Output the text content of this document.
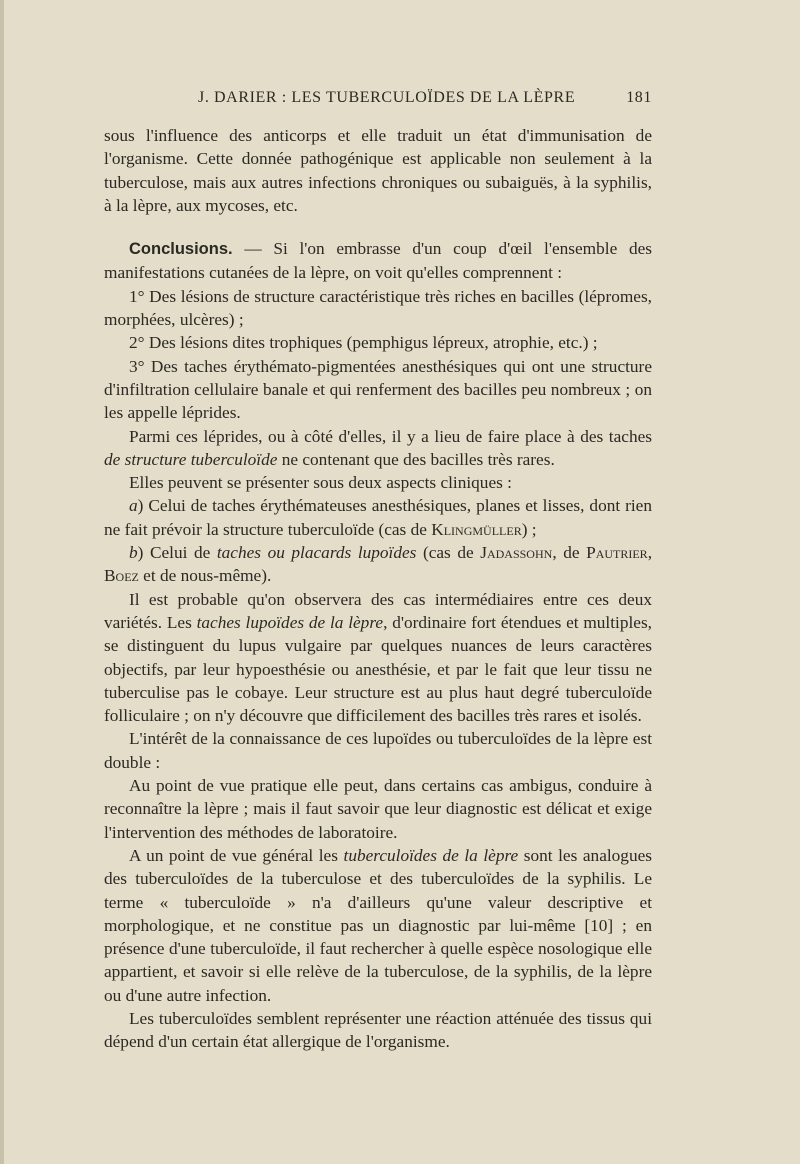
J. DARIER : LES TUBERCULOÏDES DE LA LÈPRE	181

sous l'influence des anticorps et elle traduit un état d'immunisation de l'organisme. Cette donnée pathogénique est applicable non seulement à la tuberculose, mais aux autres infections chroniques ou subaiguës, à la syphilis, à la lèpre, aux mycoses, etc.

Conclusions. — Si l'on embrasse d'un coup d'œil l'ensemble des manifestations cutanées de la lèpre, on voit qu'elles comprennent :

1° Des lésions de structure caractéristique très riches en bacilles (lépromes, morphées, ulcères) ;

2° Des lésions dites trophiques (pemphigus lépreux, atrophie, etc.) ;

3° Des taches érythémato-pigmentées anesthésiques qui ont une structure d'infiltration cellulaire banale et qui renferment des bacilles peu nombreux ; on les appelle léprides.

Parmi ces léprides, ou à côté d'elles, il y a lieu de faire place à des taches de structure tuberculoïde ne contenant que des bacilles très rares.

Elles peuvent se présenter sous deux aspects cliniques :

a) Celui de taches érythémateuses anesthésiques, planes et lisses, dont rien ne fait prévoir la structure tuberculoïde (cas de Klingmüller) ;

b) Celui de taches ou placards lupoïdes (cas de Jadassohn, de Pautrier, Boez et de nous-même).

Il est probable qu'on observera des cas intermédiaires entre ces deux variétés. Les taches lupoïdes de la lèpre, d'ordinaire fort étendues et multiples, se distinguent du lupus vulgaire par quelques nuances de leurs caractères objectifs, par leur hypoesthésie ou anesthésie, et par le fait que leur tissu ne tuberculise pas le cobaye. Leur structure est au plus haut degré tuberculoïde folliculaire ; on n'y découvre que difficilement des bacilles très rares et isolés.

L'intérêt de la connaissance de ces lupoïdes ou tuberculoïdes de la lèpre est double :

Au point de vue pratique elle peut, dans certains cas ambigus, conduire à reconnaître la lèpre ; mais il faut savoir que leur diagnostic est délicat et exige l'intervention des méthodes de laboratoire.

A un point de vue général les tuberculoïdes de la lèpre sont les analogues des tuberculoïdes de la tuberculose et des tuberculoïdes de la syphilis. Le terme « tuberculoïde » n'a d'ailleurs qu'une valeur descriptive et morphologique, et ne constitue pas un diagnostic par lui-même [10] ; en présence d'une tuberculoïde, il faut rechercher à quelle espèce nosologique elle appartient, et savoir si elle relève de la tuberculose, de la syphilis, de la lèpre ou d'une autre infection.

Les tuberculoïdes semblent représenter une réaction atténuée des tissus qui dépend d'un certain état allergique de l'organisme.
